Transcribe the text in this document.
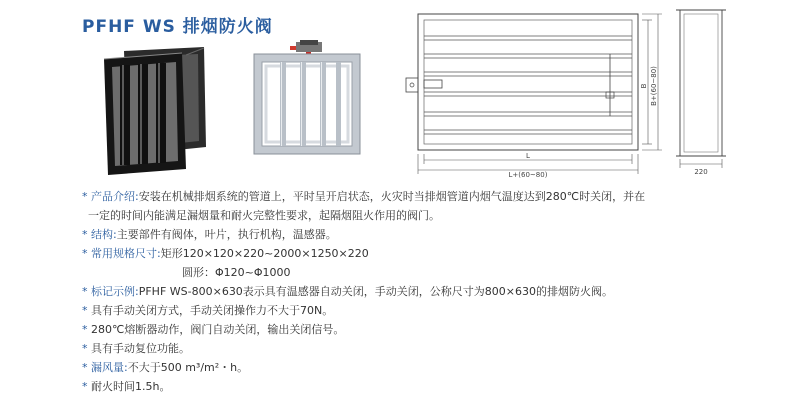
PFHF WS 排烟防火阀
L
L+(60~80)
B B+(60~80)
220
* 产品介绍:安装在机械排烟系统的管道上，平时呈开启状态，火灾时当排烟管道内烟气温度达到280℃时关闭，并在
一定的时间内能满足漏烟量和耐火完整性要求，起隔烟阻火作用的阀门。
* 结构:主要部件有阀体，叶片，执行机构，温感器。
* 常用规格尺寸:矩形120×120×220~2000×1250×220
圆形：Φ120~Φ1000
* 标记示例:PFHF WS-800×630表示具有温感器自动关闭，手动关闭，公称尺寸为800×630的排烟防火阀。
* 具有手动关闭方式，手动关闭操作力不大于70N。
* 280℃熔断器动作，阀门自动关闭，输出关闭信号。
* 具有手动复位功能。
* 漏风量:不大于500 m³/m²・h。
* 耐火时间1.5h。
